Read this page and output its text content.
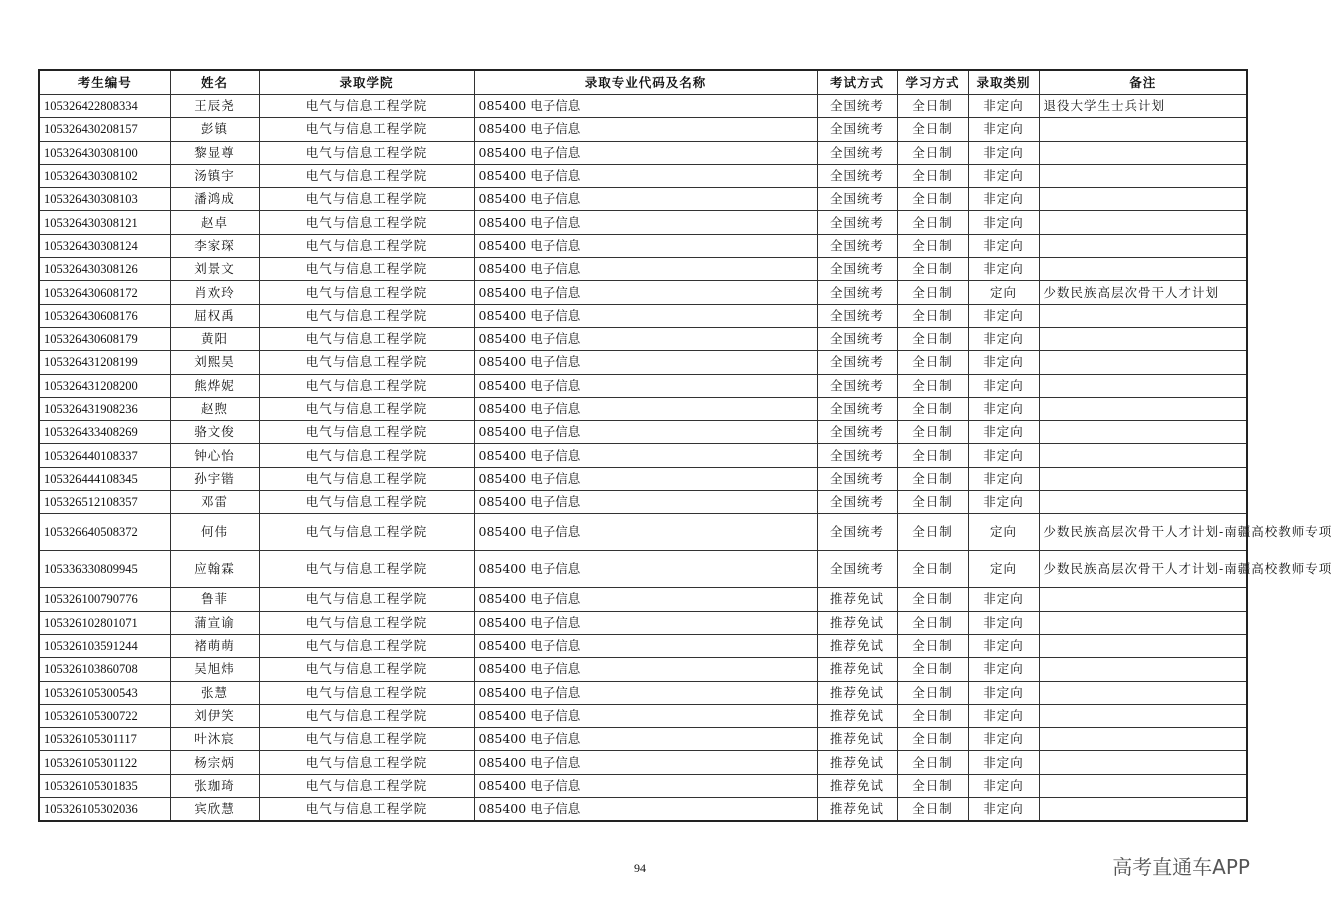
考生编号	姓名	录取学院	录取专业代码及名称	考试方式	学习方式	录取类别	备注
105326422808334	王辰尧	电气与信息工程学院	085400 电子信息	全国统考	全日制	非定向	退役大学生士兵计划
105326430208157	彭镇	电气与信息工程学院	085400 电子信息	全国统考	全日制	非定向	
105326430308100	黎显尊	电气与信息工程学院	085400 电子信息	全国统考	全日制	非定向	
105326430308102	汤镇宇	电气与信息工程学院	085400 电子信息	全国统考	全日制	非定向	
105326430308103	潘鸿成	电气与信息工程学院	085400 电子信息	全国统考	全日制	非定向	
105326430308121	赵卓	电气与信息工程学院	085400 电子信息	全国统考	全日制	非定向	
105326430308124	李家琛	电气与信息工程学院	085400 电子信息	全国统考	全日制	非定向	
105326430308126	刘景文	电气与信息工程学院	085400 电子信息	全国统考	全日制	非定向	
105326430608172	肖欢玲	电气与信息工程学院	085400 电子信息	全国统考	全日制	定向	少数民族高层次骨干人才计划
105326430608176	屈权禹	电气与信息工程学院	085400 电子信息	全国统考	全日制	非定向	
105326430608179	黄阳	电气与信息工程学院	085400 电子信息	全国统考	全日制	非定向	
105326431208199	刘熙昊	电气与信息工程学院	085400 电子信息	全国统考	全日制	非定向	
105326431208200	熊烨妮	电气与信息工程学院	085400 电子信息	全国统考	全日制	非定向	
105326431908236	赵煦	电气与信息工程学院	085400 电子信息	全国统考	全日制	非定向	
105326433408269	骆文俊	电气与信息工程学院	085400 电子信息	全国统考	全日制	非定向	
105326440108337	钟心怡	电气与信息工程学院	085400 电子信息	全国统考	全日制	非定向	
105326444108345	孙宇锴	电气与信息工程学院	085400 电子信息	全国统考	全日制	非定向	
105326512108357	邓雷	电气与信息工程学院	085400 电子信息	全国统考	全日制	非定向	
105326640508372	何伟	电气与信息工程学院	085400 电子信息	全国统考	全日制	定向	少数民族高层次骨干人才计划-南疆高校教师专项
105336330809945	应翰霖	电气与信息工程学院	085400 电子信息	全国统考	全日制	定向	少数民族高层次骨干人才计划-南疆高校教师专项
105326100790776	鲁菲	电气与信息工程学院	085400 电子信息	推荐免试	全日制	非定向	
105326102801071	蒲宣谕	电气与信息工程学院	085400 电子信息	推荐免试	全日制	非定向	
105326103591244	褚萌萌	电气与信息工程学院	085400 电子信息	推荐免试	全日制	非定向	
105326103860708	吴旭炜	电气与信息工程学院	085400 电子信息	推荐免试	全日制	非定向	
105326105300543	张慧	电气与信息工程学院	085400 电子信息	推荐免试	全日制	非定向	
105326105300722	刘伊笑	电气与信息工程学院	085400 电子信息	推荐免试	全日制	非定向	
105326105301117	叶沐宸	电气与信息工程学院	085400 电子信息	推荐免试	全日制	非定向	
105326105301122	杨宗炳	电气与信息工程学院	085400 电子信息	推荐免试	全日制	非定向	
105326105301835	张珈琦	电气与信息工程学院	085400 电子信息	推荐免试	全日制	非定向	
105326105302036	宾欣慧	电气与信息工程学院	085400 电子信息	推荐免试	全日制	非定向	
94	高考直通车APP
